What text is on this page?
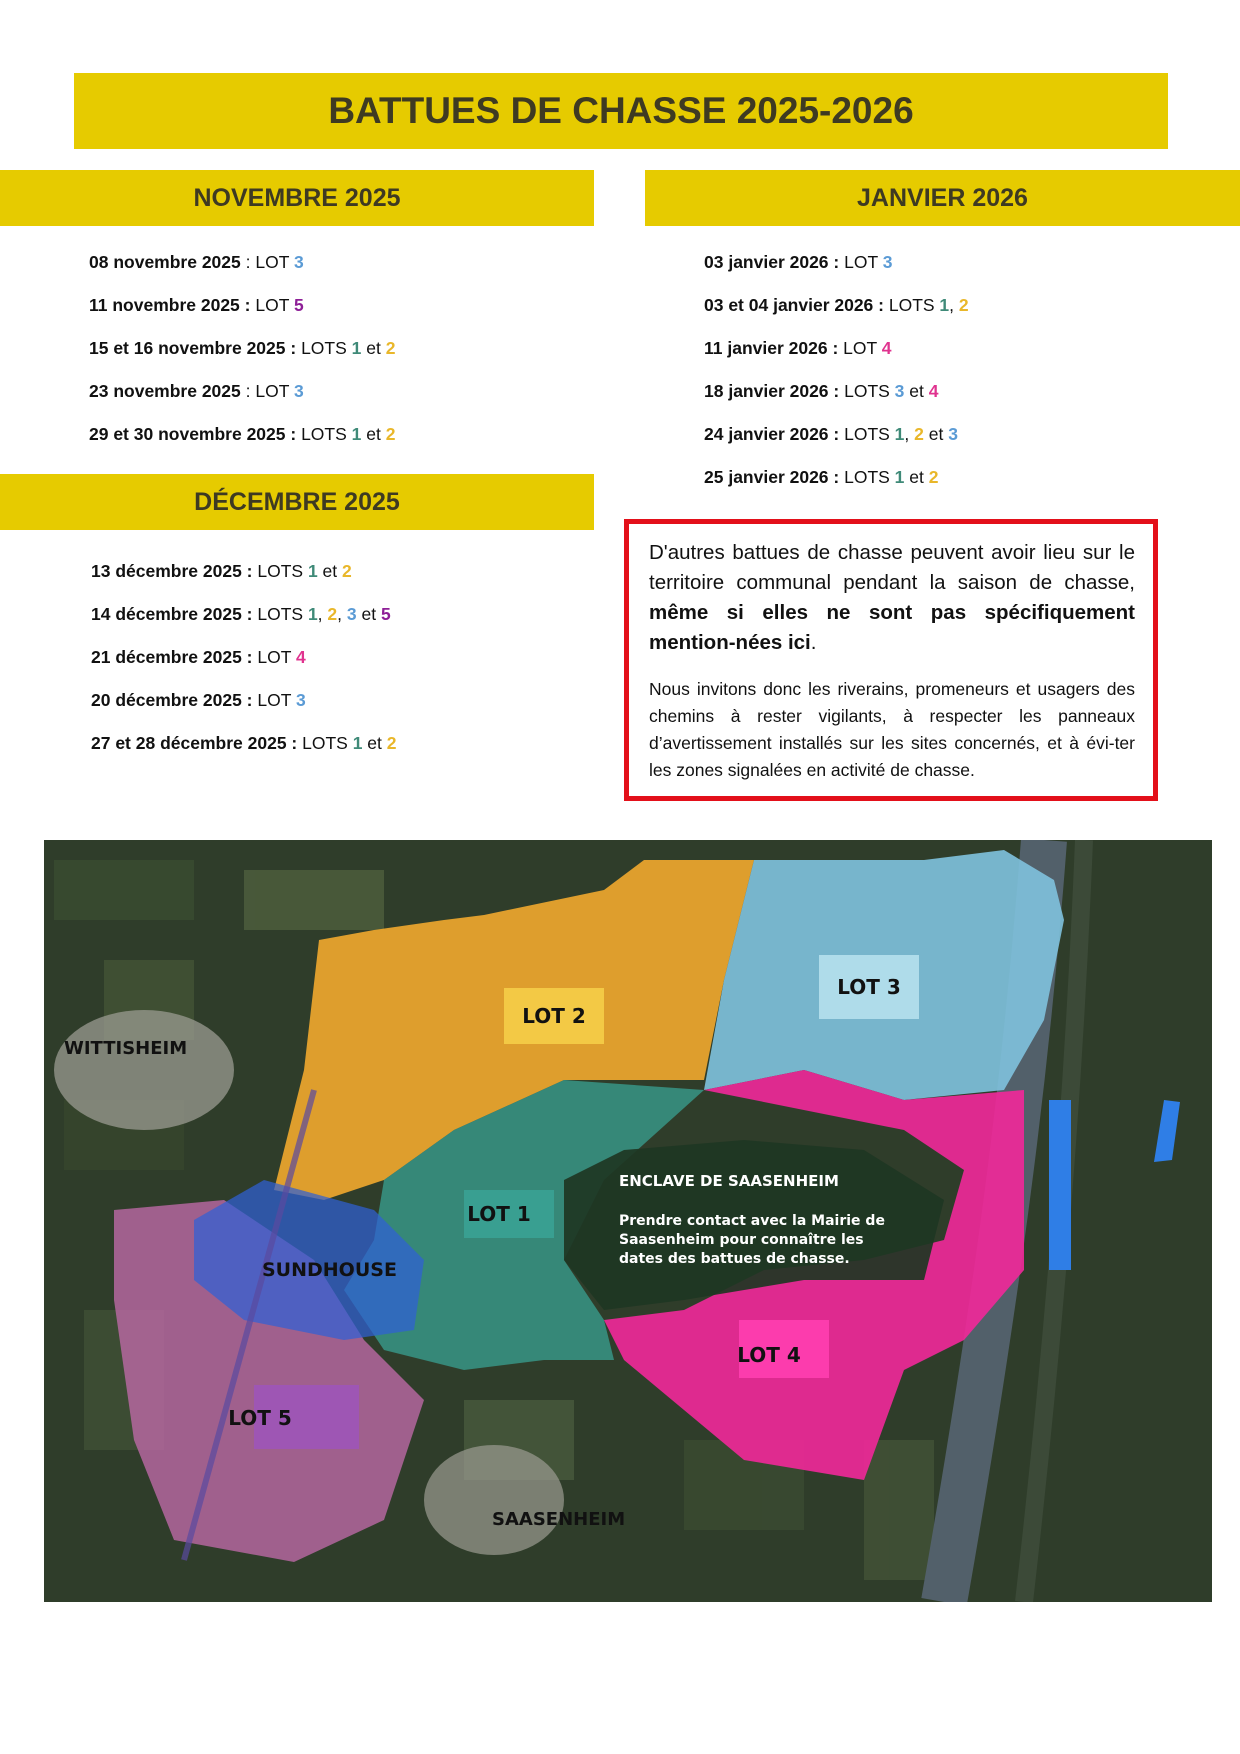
BATTUES DE CHASSE 2025-2026
NOVEMBRE 2025
08 novembre 2025 : LOT 3
11 novembre 2025 : LOT 5
15 et 16 novembre 2025 : LOTS 1 et 2
23 novembre 2025 : LOT 3
29 et 30 novembre 2025 : LOTS 1 et 2
DÉCEMBRE 2025
13 décembre 2025 : LOTS 1 et 2
14 décembre 2025 : LOTS 1, 2, 3 et 5
21 décembre 2025 : LOT 4
20 décembre 2025 : LOT 3
27 et 28 décembre 2025 : LOTS 1 et 2
JANVIER 2026
03 janvier 2026 : LOT 3
03 et 04 janvier 2026 : LOTS 1, 2
11 janvier 2026 : LOT 4
18 janvier 2026 : LOTS 3 et 4
24 janvier 2026 : LOTS 1, 2 et 3
25 janvier 2026 : LOTS 1 et 2

D'autres battues de chasse peuvent avoir lieu sur le territoire communal pendant la saison de chasse, même si elles ne sont pas spécifiquement mention-nées ici.

Nous invitons donc les riverains, promeneurs et usagers des chemins à rester vigilants, à respecter les panneaux d’avertissement installés sur les sites concernés, et à évi-ter les zones signalées en activité de chasse.

LOT 2
LOT 3
LOT 1
LOT 4
LOT 5
WITTISHEIM
SUNDHOUSE
SAASENHEIM
ENCLAVE DE SAASENHEIM
Prendre contact avec la Mairie de
Saasenheim pour connaître les
dates des battues de chasse.
